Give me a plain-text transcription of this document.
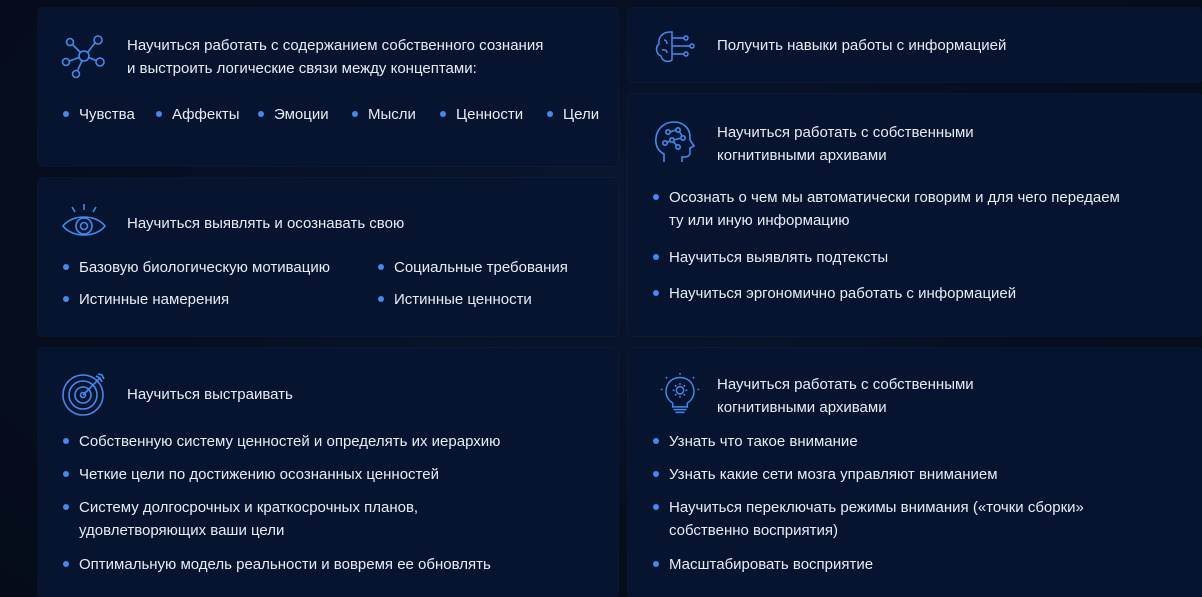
Научиться работать с содержанием собственного сознания
и выстроить логические связи между концептами:
Чувства	Аффекты	Эмоции	Мысли	Ценности	Цели
Получить навыки работы с информацией
Научиться выявлять и осознавать свою
Базовую биологическую мотивацию	Социальные требования
Истинные намерения	Истинные ценности
Научиться работать с собственными
когнитивными архивами
Осознать о чем мы автоматически говорим и для чего передаем
ту или иную информацию
Научиться выявлять подтексты
Научиться эргономично работать с информацией
Научиться выстраивать
Собственную систему ценностей и определять их иерархию
Четкие цели по достижению осознанных ценностей
Систему долгосрочных и краткосрочных планов,
удовлетворяющих ваши цели
Оптимальную модель реальности и вовремя ее обновлять
Научиться работать с собственными
когнитивными архивами
Узнать что такое внимание
Узнать какие сети мозга управляют вниманием
Научиться переключать режимы внимания («точки сборки»
собственно восприятия)
Масштабировать восприятие
